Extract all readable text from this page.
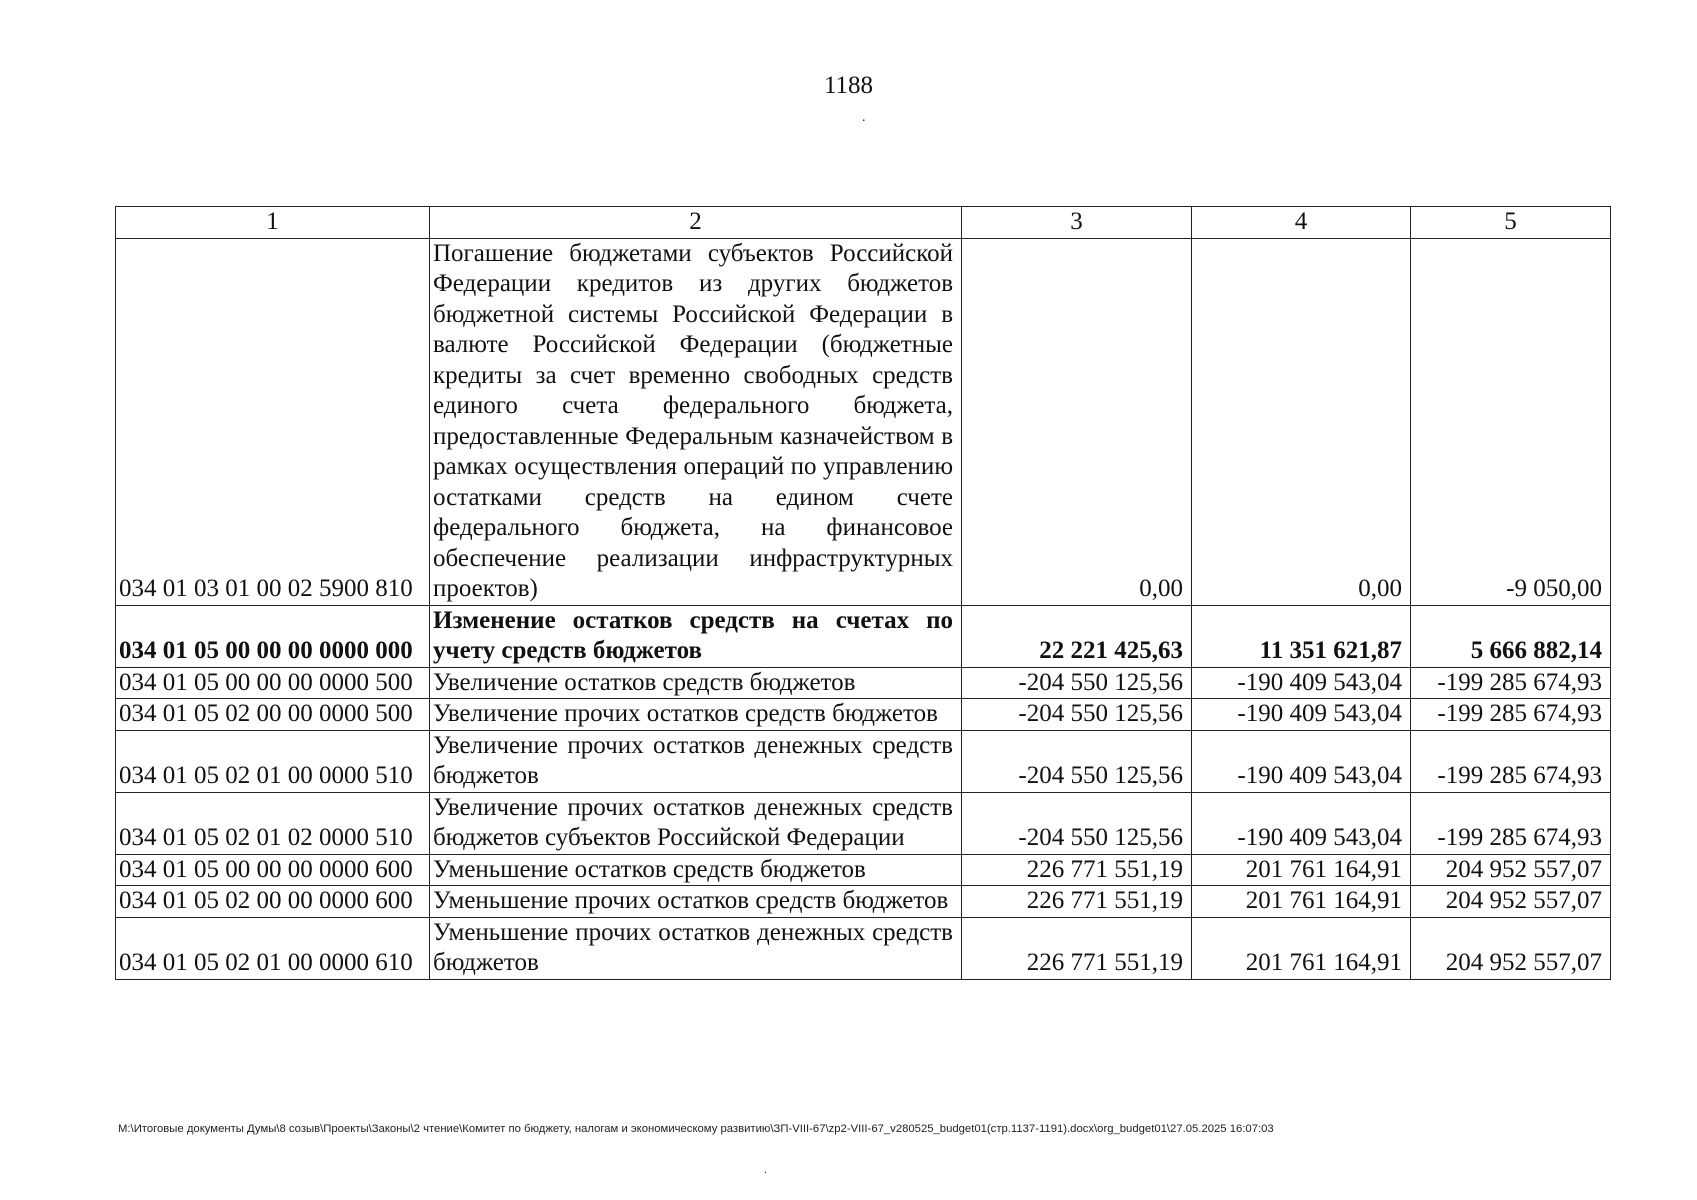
1188
.
1	2	3	4	5
034 01 03 01 00 02 5900 810	Погашение бюджетами субъектов Российской Федерации кредитов из других бюджетов бюджетной системы Российской Федерации в валюте Российской Федерации (бюджетные кредиты за счет временно свободных средств единого счета федерального бюджета, предоставленные Федеральным казначейством в рамках осуществления операций по управлению остатками средств на едином счете федерального бюджета, на финансовое обеспечение реализации инфраструктурных проектов)	0,00	0,00	-9 050,00
034 01 05 00 00 00 0000 000	Изменение остатков средств на счетах по учету средств бюджетов	22 221 425,63	11 351 621,87	5 666 882,14
034 01 05 00 00 00 0000 500	Увеличение остатков средств бюджетов	-204 550 125,56	-190 409 543,04	-199 285 674,93
034 01 05 02 00 00 0000 500	Увеличение прочих остатков средств бюджетов	-204 550 125,56	-190 409 543,04	-199 285 674,93
034 01 05 02 01 00 0000 510	Увеличение прочих остатков денежных средств бюджетов	-204 550 125,56	-190 409 543,04	-199 285 674,93
034 01 05 02 01 02 0000 510	Увеличение прочих остатков денежных средств бюджетов субъектов Российской Федерации	-204 550 125,56	-190 409 543,04	-199 285 674,93
034 01 05 00 00 00 0000 600	Уменьшение остатков средств бюджетов	226 771 551,19	201 761 164,91	204 952 557,07
034 01 05 02 00 00 0000 600	Уменьшение прочих остатков средств бюджетов	226 771 551,19	201 761 164,91	204 952 557,07
034 01 05 02 01 00 0000 610	Уменьшение прочих остатков денежных средств бюджетов	226 771 551,19	201 761 164,91	204 952 557,07
M:\Итоговые документы Думы\8 созыв\Проекты\Законы\2 чтение\Комитет по бюджету, налогам и экономическому развитию\ЗП-VIII-67\zp2-VIII-67_v280525_budget01(стр.1137-1191).docx\org_budget01\27.05.2025 16:07:03
.
